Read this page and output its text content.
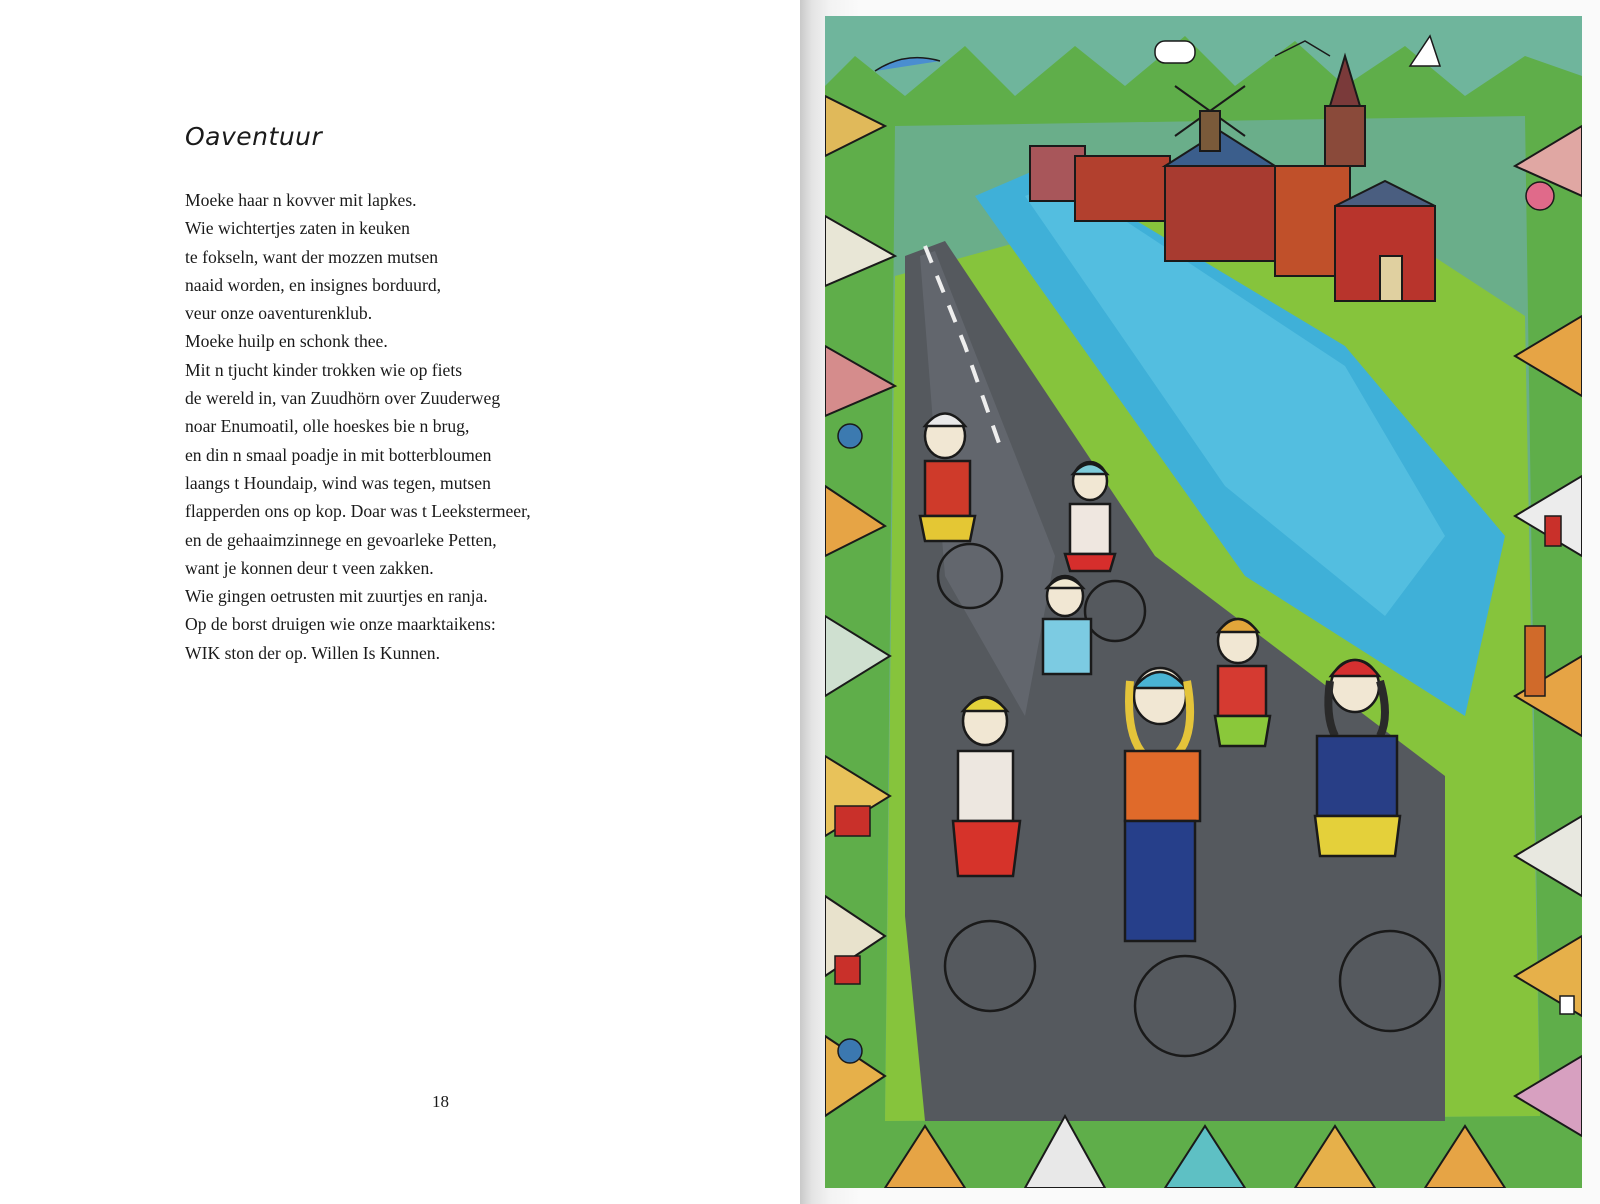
Oaventuur
Moeke haar n kovver mit lapkes.
Wie wichtertjes zaten in keuken
te fokseln, want der mozzen mutsen
naaid worden, en insignes borduurd,
veur onze oaventurenklub.
Moeke huilp en schonk thee.
Mit n tjucht kinder trokken wie op fiets
de wereld in, van Zuudhörn over Zuuderweg
noar Enumoatil, olle hoeskes bie n brug,
en din n smaal poadje in mit botterbloumen
laangs t Houndaip, wind was tegen, mutsen
flapperden ons op kop. Doar was t Leekstermeer,
en de gehaaimzinnege en gevoarleke Petten,
want je konnen deur t veen zakken.
Wie gingen oetrusten mit zuurtjes en ranja.
Op de borst druigen wie onze maarktaikens:
WIK ston der op. Willen Is Kunnen.
18
